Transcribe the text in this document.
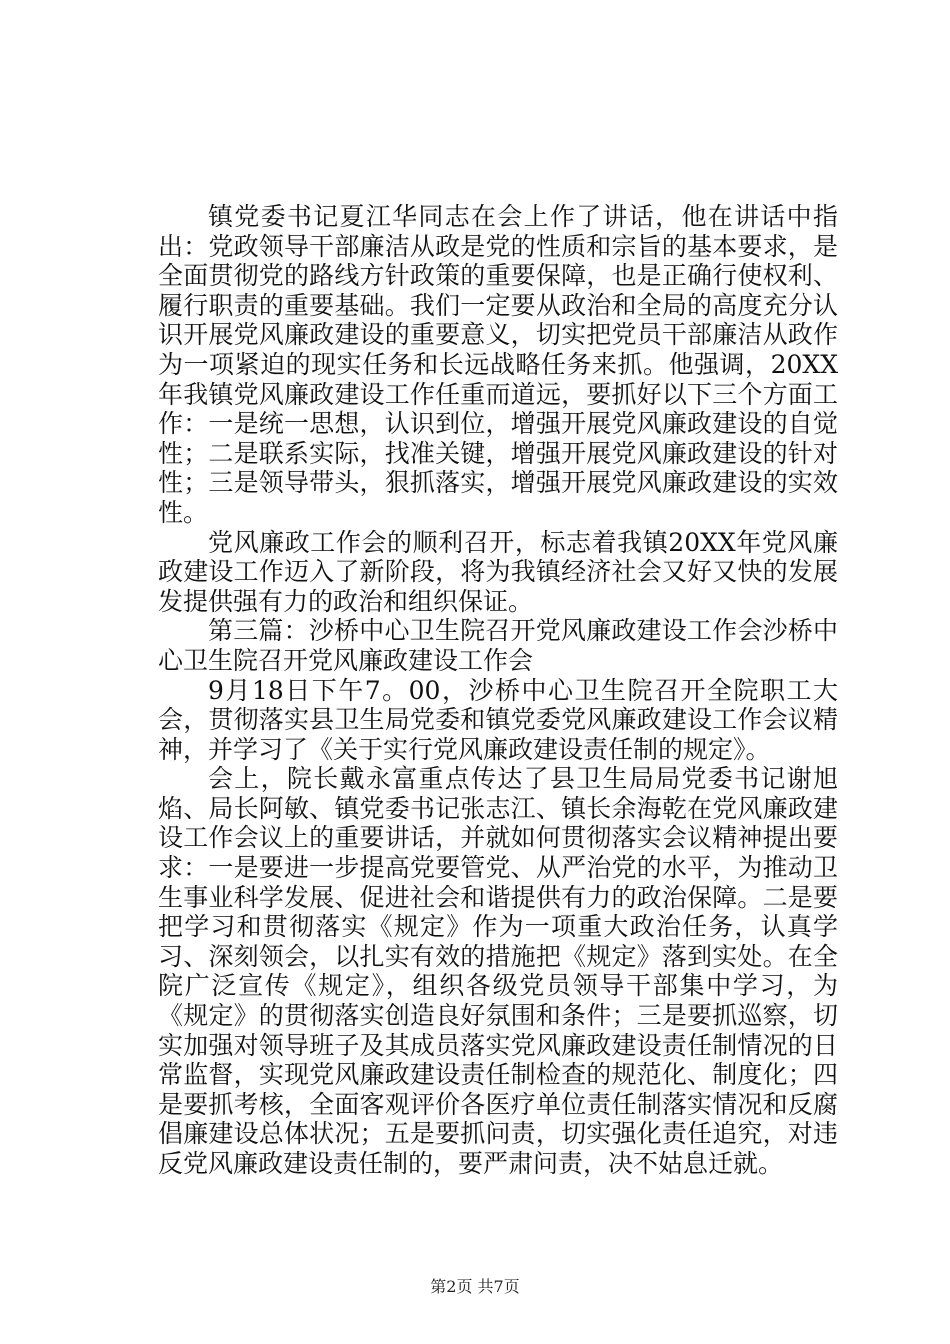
镇党委书记夏江华同志在会上作了讲话，他在讲话中指出：党政领导干部廉洁从政是党的性质和宗旨的基本要求，是全面贯彻党的路线方针政策的重要保障，也是正确行使权利、履行职责的重要基础。我们一定要从政治和全局的高度充分认识开展党风廉政建设的重要意义，切实把党员干部廉洁从政作为一项紧迫的现实任务和长远战略任务来抓。他强调，20XX年我镇党风廉政建设工作任重而道远，要抓好以下三个方面工作：一是统一思想，认识到位，增强开展党风廉政建设的自觉性；二是联系实际，找准关键，增强开展党风廉政建设的针对性；三是领导带头，狠抓落实，增强开展党风廉政建设的实效性。

党风廉政工作会的顺利召开，标志着我镇20XX年党风廉政建设工作迈入了新阶段，将为我镇经济社会又好又快的发展发提供强有力的政治和组织保证。

第三篇：沙桥中心卫生院召开党风廉政建设工作会沙桥中心卫生院召开党风廉政建设工作会

9月18日下午7。00，沙桥中心卫生院召开全院职工大会，贯彻落实县卫生局党委和镇党委党风廉政建设工作会议精神，并学习了《关于实行党风廉政建设责任制的规定》。

会上，院长戴永富重点传达了县卫生局局党委书记谢旭焰、局长阿敏、镇党委书记张志江、镇长余海乾在党风廉政建设工作会议上的重要讲话，并就如何贯彻落实会议精神提出要求：一是要进一步提高党要管党、从严治党的水平，为推动卫生事业科学发展、促进社会和谐提供有力的政治保障。二是要把学习和贯彻落实《规定》作为一项重大政治任务，认真学习、深刻领会，以扎实有效的措施把《规定》落到实处。在全院广泛宣传《规定》，组织各级党员领导干部集中学习，为《规定》的贯彻落实创造良好氛围和条件；三是要抓巡察，切实加强对领导班子及其成员落实党风廉政建设责任制情况的日常监督，实现党风廉政建设责任制检查的规范化、制度化；四是要抓考核，全面客观评价各医疗单位责任制落实情况和反腐倡廉建设总体状况；五是要抓问责，切实强化责任追究，对违反党风廉政建设责任制的，要严肃问责，决不姑息迁就。

第2页 共7页
